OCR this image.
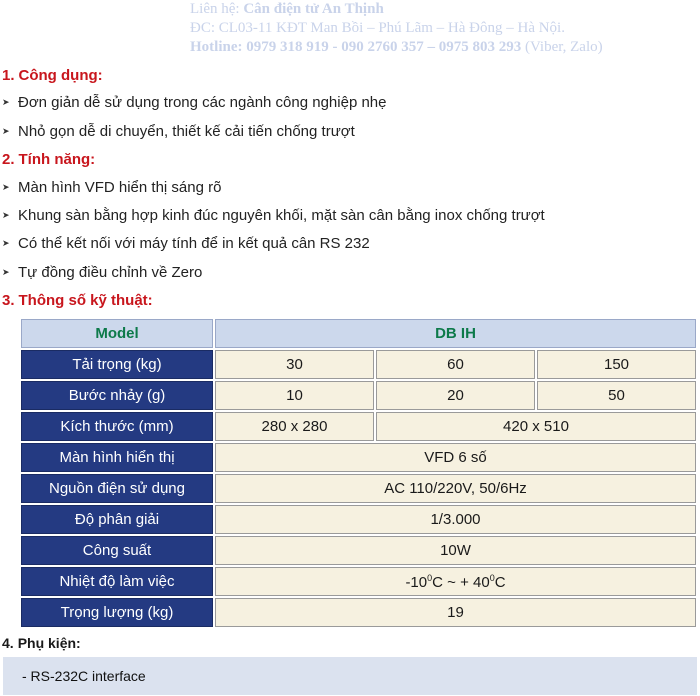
Liên hệ: Cân điện tử An Thịnh
ĐC: CL03-11 KĐT Man Bồi – Phú Lãm – Hà Đông – Hà Nội.
Hotline: 0979 318 919 - 090 2760 357 – 0975 803 293 (Viber, Zalo)
1. Công dụng:
➤ Đơn giản dễ sử dụng trong các ngành công nghiệp nhẹ
➤ Nhỏ gọn dễ di chuyển, thiết kế cải tiến chống trượt
2. Tính năng:
➤ Màn hình VFD hiển thị sáng rõ
➤ Khung sàn bằng hợp kinh đúc nguyên khối, mặt sàn cân bằng inox chống trượt
➤ Có thể kết nối với máy tính để in kết quả cân RS 232
➤ Tự đồng điều chỉnh về Zero
3. Thông số kỹ thuật:
Model	DB IH		
Tải trọng (kg)	30	60	150
Bước nhảy (g)	10	20	50
Kích thước (mm)	280 x 280	420 x 510	
Màn hình hiển thị	VFD 6 số		
Nguồn điện sử dụng	AC 110/220V, 50/6Hz		
Độ phân giải	1/3.000		
Công suất	10W		
Nhiệt độ làm việc	$-10^0C$ ~ + $40^0C$		
Trọng lượng (kg)	19		
4. Phụ kiện:
- RS-232C interface
